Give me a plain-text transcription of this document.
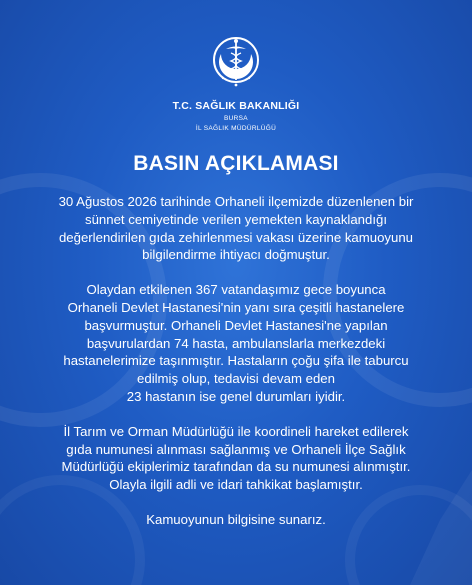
T.C. SAĞLIK BAKANLIĞI
BURSA
İL SAĞLIK MÜDÜRLÜĞÜ
BASIN AÇIKLAMASI

30 Ağustos 2026 tarihinde Orhaneli ilçemizde düzenlenen bir
sünnet cemiyetinde verilen yemekten kaynaklandığı
değerlendirilen gıda zehirlenmesi vakası üzerine kamuoyunu
bilgilendirme ihtiyacı doğmuştur.

Olaydan etkilenen 367 vatandaşımız gece boyunca
Orhaneli Devlet Hastanesi'nin yanı sıra çeşitli hastanelere
başvurmuştur. Orhaneli Devlet Hastanesi'ne yapılan
başvurulardan 74 hasta, ambulanslarla merkezdeki
hastanelerimize taşınmıştır. Hastaların çoğu şifa ile taburcu
edilmiş olup, tedavisi devam eden
23 hastanın ise genel durumları iyidir.

İl Tarım ve Orman Müdürlüğü ile koordineli hareket edilerek
gıda numunesi alınması sağlanmış ve Orhaneli İlçe Sağlık
Müdürlüğü ekiplerimiz tarafından da su numunesi alınmıştır.
Olayla ilgili adli ve idari tahkikat başlamıştır.

Kamuoyunun bilgisine sunarız.
